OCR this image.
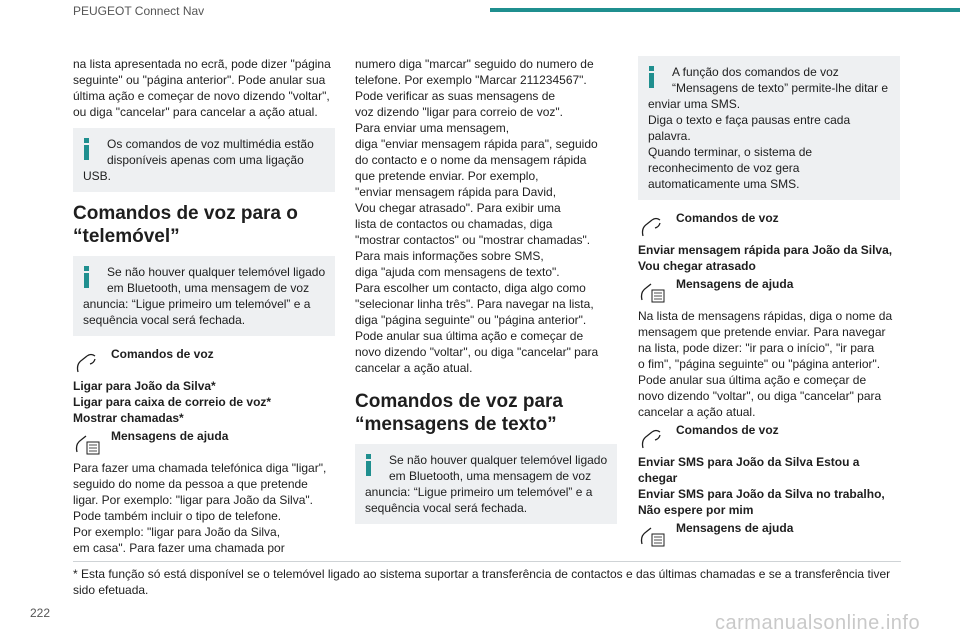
PEUGEOT Connect Nav
na lista apresentada no ecrã, pode dizer "página
seguinte" ou "página anterior". Pode anular sua
última ação e começar de novo dizendo "voltar",
ou diga "cancelar" para cancelar a ação atual.
Os comandos de voz multimédia estão
disponíveis apenas com uma ligação
USB.
Comandos de voz para o
“telemóvel”
Se não houver qualquer telemóvel ligado
em Bluetooth, uma mensagem de voz
anuncia: “Ligue primeiro um telemóvel” e a
sequência vocal será fechada.
Comandos de voz
Ligar para João da Silva*
Ligar para caixa de correio de voz*
Mostrar chamadas*
Mensagens de ajuda
Para fazer uma chamada telefónica diga "ligar",
seguido do nome da pessoa a que pretende
ligar. Por exemplo: "ligar para João da Silva".
Pode também incluir o tipo de telefone.
Por exemplo: "ligar para João da Silva,
em casa". Para fazer uma chamada por
numero diga "marcar" seguido do numero de
telefone. Por exemplo "Marcar 211234567".
Pode verificar as suas mensagens de
voz dizendo "ligar para correio de voz".
Para enviar uma mensagem,
diga "enviar mensagem rápida para", seguido
do contacto e o nome da mensagem rápida
que pretende enviar. Por exemplo,
"enviar mensagem rápida para David,
Vou chegar atrasado". Para exibir uma
lista de contactos ou chamadas, diga
"mostrar contactos" ou "mostrar chamadas".
Para mais informações sobre SMS,
diga "ajuda com mensagens de texto".
Para escolher um contacto, diga algo como
"selecionar linha três". Para navegar na lista,
diga "página seguinte" ou "página anterior".
Pode anular sua última ação e começar de
novo dizendo "voltar", ou diga "cancelar" para
cancelar a ação atual.
Comandos de voz para
“mensagens de texto”
Se não houver qualquer telemóvel ligado
em Bluetooth, uma mensagem de voz
anuncia: “Ligue primeiro um telemóvel” e a
sequência vocal será fechada.
A função dos comandos de voz
“Mensagens de texto” permite-lhe ditar e
enviar uma SMS.
Diga o texto e faça pausas entre cada
palavra.
Quando terminar, o sistema de
reconhecimento de voz gera
automaticamente uma SMS.
Comandos de voz
Enviar mensagem rápida para João da Silva,
Vou chegar atrasado
Mensagens de ajuda
Na lista de mensagens rápidas, diga o nome da
mensagem que pretende enviar. Para navegar
na lista, pode dizer: "ir para o início", "ir para
o fim", "página seguinte" ou "página anterior".
Pode anular sua última ação e começar de
novo dizendo "voltar", ou diga "cancelar" para
cancelar a ação atual.
Comandos de voz
Enviar SMS para João da Silva Estou a
chegar
Enviar SMS para João da Silva no trabalho,
Não espere por mim
Mensagens de ajuda
* Esta função só está disponível se o telemóvel ligado ao sistema suportar a transferência de contactos e das últimas chamadas e se a transferência tiver
sido efetuada.
222	carmanualsonline.info
